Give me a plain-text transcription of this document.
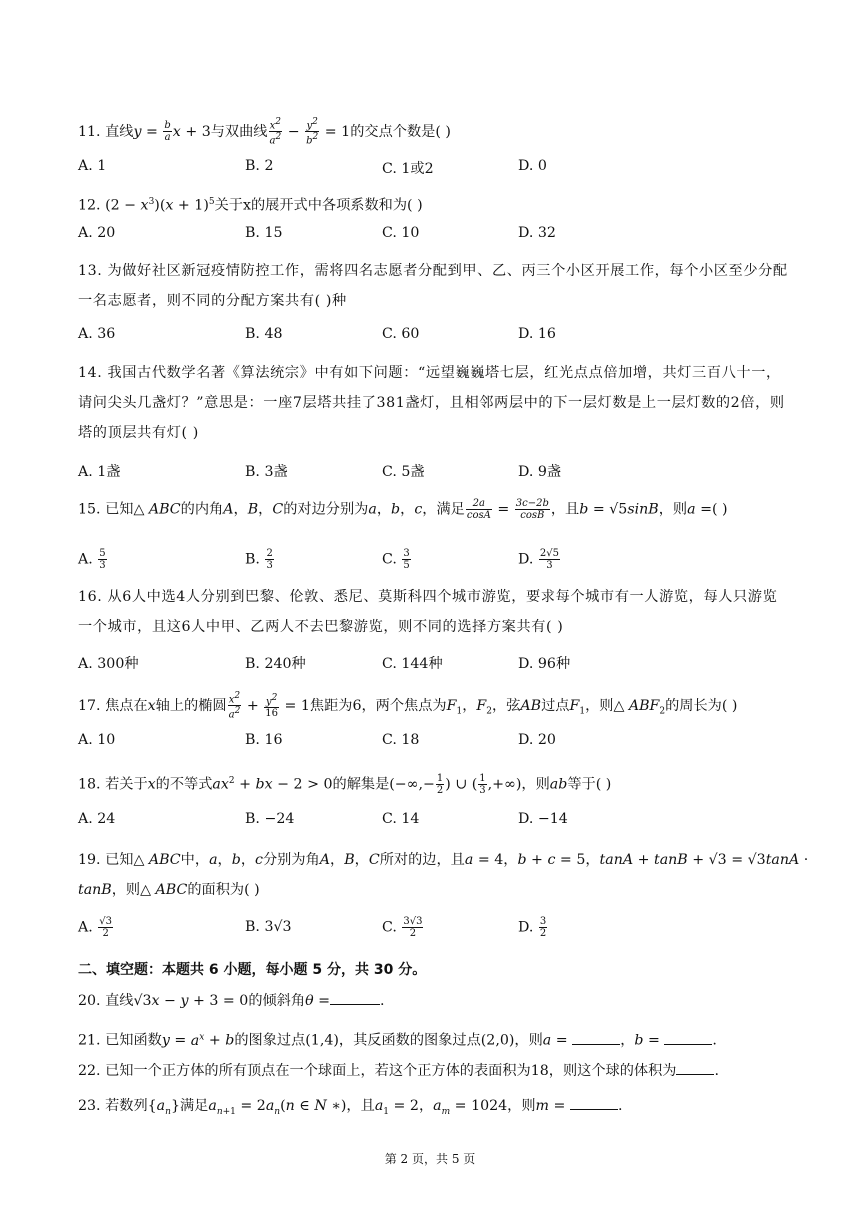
11. 直线$y = \frac{b}{a}$ x + 3与双曲线 $\frac{x^2}{a^2} - \frac{y^2}{b^2} = 1$的交点个数是( )
A. 1	B. 2	C. 1或2	D. 0
12. $(2 - x^3)(x + 1)^5$关于x的展开式中各项系数和为( )
A. 20	B. 15	C. 10	D. 32
13. 为做好社区新冠疫情防控工作，需将四名志愿者分配到甲、乙、丙三个小区开展工作，每个小区至少分配一名志愿者，则不同的分配方案共有( )种
A. 36	B. 48	C. 60	D. 16
14. 我国古代数学名著《算法统宗》中有如下问题：“远望巍巍塔七层，红光点点倍加增，共灯三百八十一，请问尖头几盏灯？”意思是：一座7层塔共挂了381盏灯，且相邻两层中的下一层灯数是上一层灯数的2倍，则塔的顶层共有灯( )
A. 1盏	B. 3盏	C. 5盏	D. 9盏
15. 已知△ ABC的内角A，B，C的对边分别为a，b，c，满足 $\frac{2a}{\cos A} = \frac{3c-2b}{\cos B}$ ，且b = √5sinB，则a =( )
A. $\frac{5}{3}$	B. $\frac{2}{3}$	C. $\frac{3}{5}$	D. $\frac{2√5}{3}$
16. 从6人中选4人分别到巴黎、伦敦、悉尼、莫斯科四个城市游览，要求每个城市有一人游览，每人只游览一个城市，且这6人中甲、乙两人不去巴黎游览，则不同的选择方案共有( )
A. 300种	B. 240种	C. 144种	D. 96种
17. 焦点在x轴上的椭圆 $\frac{x^2}{a^2} + \frac{y^2}{16} = 1$焦距为6，两个焦点为$F_1$，$F_2$，弦AB过点$F_1$，则△ $ABF_2$的周长为( )
A. 10	B. 16	C. 18	D. 20
18. 若关于x的不等式$ax^2$ + bx − 2 > 0的解集是(−∞,− $\frac{1}{2}$ ) ∪ ( $\frac{1}{3}$ ,+∞)，则ab等于( )
A. 24	B. −24	C. 14	D. −14
19. 已知△ ABC中，a，b，c分别为角A，B，C所对的边，且a = 4，b + c = 5，tanA + tanB + √3 = √3tanA ·
tanB，则△ ABC的面积为( )
A. $\frac{√3}{2}$	B. 3√3	C. $\frac{3√3}{2}$	D. $\frac{3}{2}$
二、填空题：本题共 6 小题，每小题 5 分，共 30 分。
20. 直线√3x − y + 3 = 0的倾斜角θ =	.
21. 已知函数$y = a^x + b$的图象过点(1,4)，其反函数的图象过点(2,0)，则a =	，b =	.
22. 已知一个正方体的所有顶点在一个球面上，若这个正方体的表面积为18，则这个球的体积为	.
23. 若数列$\{a_n\}$满足$a_{n+1} = 2a_n(n$ ∈ N ∗)，且$a_1 = 2$，$a_m = 1024$，则m =	.
第 2 页，共 5 页
